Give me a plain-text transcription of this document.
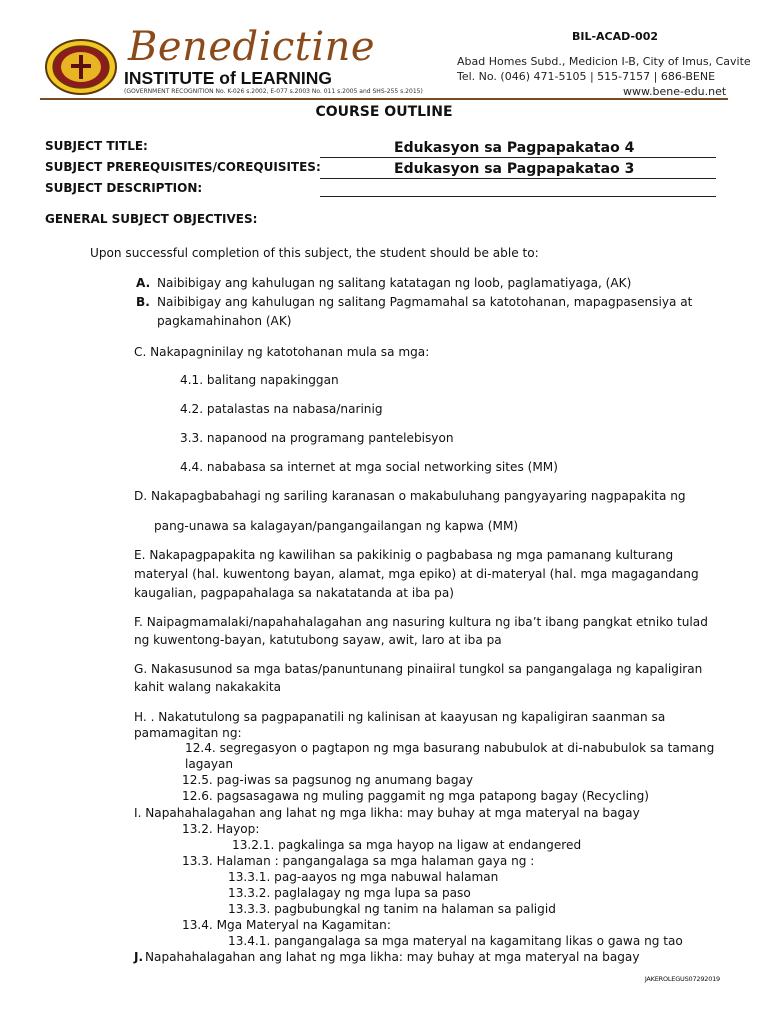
Benedictine
INSTITUTE of LEARNING
(GOVERNMENT RECOGNITION No. K-026 s.2002, E-077 s.2003 No. 011 s.2005 and SHS-255 s.2015)
BIL-ACAD-002
Abad Homes Subd., Medicion I-B, City of Imus, Cavite
Tel. No. (046) 471-5105 | 515-7157 | 686-BENE
www.bene-edu.net
COURSE OUTLINE
SUBJECT TITLE:	Edukasyon sa Pagpapakatao 4
SUBJECT PREREQUISITES/COREQUISITES:	Edukasyon sa Pagpapakatao 3
SUBJECT DESCRIPTION:
GENERAL SUBJECT OBJECTIVES:
Upon successful completion of this subject, the student should be able to:
A. Naibibigay ang kahulugan ng salitang katatagan ng loob, paglamatiyaga, (AK)
B. Naibibigay ang kahulugan ng salitang Pagmamahal sa katotohanan, mapagpasensiya at
pagkamahinahon (AK)
C. Nakapagninilay ng katotohanan mula sa mga:
4.1. balitang napakinggan
4.2. patalastas na nabasa/narinig
3.3. napanood na programang pantelebisyon
4.4. nababasa sa internet at mga social networking sites (MM)
D. Nakapagbabahagi ng sariling karanasan o makabuluhang pangyayaring nagpapakita ng
pang-unawa sa kalagayan/pangangailangan ng kapwa (MM)
E. Nakapagpapakita ng kawilihan sa pakikinig o pagbabasa ng mga pamanang kulturang
materyal (hal. kuwentong bayan, alamat, mga epiko) at di-materyal (hal. mga magagandang
kaugalian, pagpapahalaga sa nakatatanda at iba pa)
F. Naipagmamalaki/napahahalagahan ang nasuring kultura ng iba’t ibang pangkat etniko tulad
ng kuwentong-bayan, katutubong sayaw, awit, laro at iba pa
G. Nakasusunod sa mga batas/panuntunang pinaiiral tungkol sa pangangalaga ng kapaligiran
kahit walang nakakakita
H. . Nakatutulong sa pagpapanatili ng kalinisan at kaayusan ng kapaligiran saanman sa
pamamagitan ng:
12.4. segregasyon o pagtapon ng mga basurang nabubulok at di-nabubulok sa tamang
lagayan
12.5. pag-iwas sa pagsunog ng anumang bagay
12.6. pagsasagawa ng muling paggamit ng mga patapong bagay (Recycling)
I. Napahahalagahan ang lahat ng mga likha: may buhay at mga materyal na bagay
13.2. Hayop:
13.2.1. pagkalinga sa mga hayop na ligaw at endangered
13.3. Halaman : pangangalaga sa mga halaman gaya ng :
13.3.1. pag-aayos ng mga nabuwal halaman
13.3.2. paglalagay ng mga lupa sa paso
13.3.3. pagbubungkal ng tanim na halaman sa paligid
13.4. Mga Materyal na Kagamitan:
13.4.1. pangangalaga sa mga materyal na kagamitang likas o gawa ng tao
J. Napahahalagahan ang lahat ng mga likha: may buhay at mga materyal na bagay
JAKEROLEGUS07292019
